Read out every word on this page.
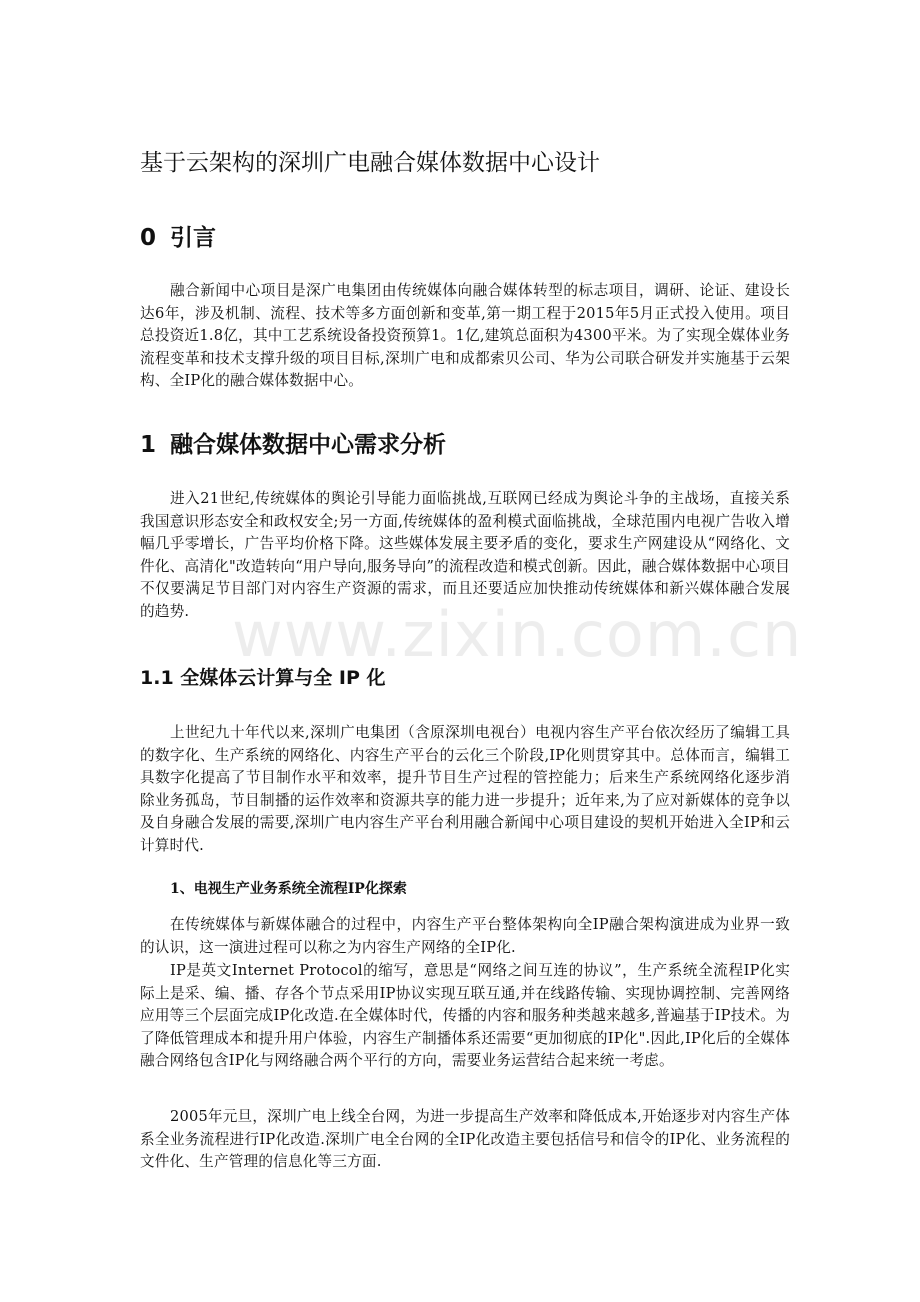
基于云架构的深圳广电融合媒体数据中心设计
0 引言

融合新闻中心项目是深广电集团由传统媒体向融合媒体转型的标志项目，调研、论证、建设长达6年，涉及机制、流程、技术等多方面创新和变革,第一期工程于2015年5月正式投入使用。项目总投资近1.8亿，其中工艺系统设备投资预算1。1亿,建筑总面积为4300平米。为了实现全媒体业务流程变革和技术支撑升级的项目目标,深圳广电和成都索贝公司、华为公司联合研发并实施基于云架构、全IP化的融合媒体数据中心。

1 融合媒体数据中心需求分析

进入21世纪,传统媒体的舆论引导能力面临挑战,互联网已经成为舆论斗争的主战场，直接关系我国意识形态安全和政权安全;另一方面,传统媒体的盈利模式面临挑战，全球范围内电视广告收入增幅几乎零增长，广告平均价格下降。这些媒体发展主要矛盾的变化，要求生产网建设从“网络化、文件化、高清化"改造转向“用户导向,服务导向”的流程改造和模式创新。因此，融合媒体数据中心项目不仅要满足节目部门对内容生产资源的需求，而且还要适应加快推动传统媒体和新兴媒体融合发展的趋势.

1.1 全媒体云计算与全 IP 化

上世纪九十年代以来,深圳广电集团（含原深圳电视台）电视内容生产平台依次经历了编辑工具的数字化、生产系统的网络化、内容生产平台的云化三个阶段,IP化则贯穿其中。总体而言，编辑工具数字化提高了节目制作水平和效率，提升节目生产过程的管控能力；后来生产系统网络化逐步消除业务孤岛，节目制播的运作效率和资源共享的能力进一步提升；近年来,为了应对新媒体的竞争以及自身融合发展的需要,深圳广电内容生产平台利用融合新闻中心项目建设的契机开始进入全IP和云计算时代.

1、电视生产业务系统全流程IP化探索

在传统媒体与新媒体融合的过程中，内容生产平台整体架构向全IP融合架构演进成为业界一致的认识，这一演进过程可以称之为内容生产网络的全IP化.

IP是英文Internet Protocol的缩写，意思是“网络之间互连的协议”，生产系统全流程IP化实际上是采、编、播、存各个节点采用IP协议实现互联互通,并在线路传输、实现协调控制、完善网络应用等三个层面完成IP化改造.在全媒体时代，传播的内容和服务种类越来越多,普遍基于IP技术。为了降低管理成本和提升用户体验，内容生产制播体系还需要“更加彻底的IP化".因此,IP化后的全媒体融合网络包含IP化与网络融合两个平行的方向，需要业务运营结合起来统一考虑。

2005年元旦，深圳广电上线全台网，为进一步提高生产效率和降低成本,开始逐步对内容生产体系全业务流程进行IP化改造.深圳广电全台网的全IP化改造主要包括信号和信令的IP化、业务流程的文件化、生产管理的信息化等三方面.

www.zixin.com.cn
